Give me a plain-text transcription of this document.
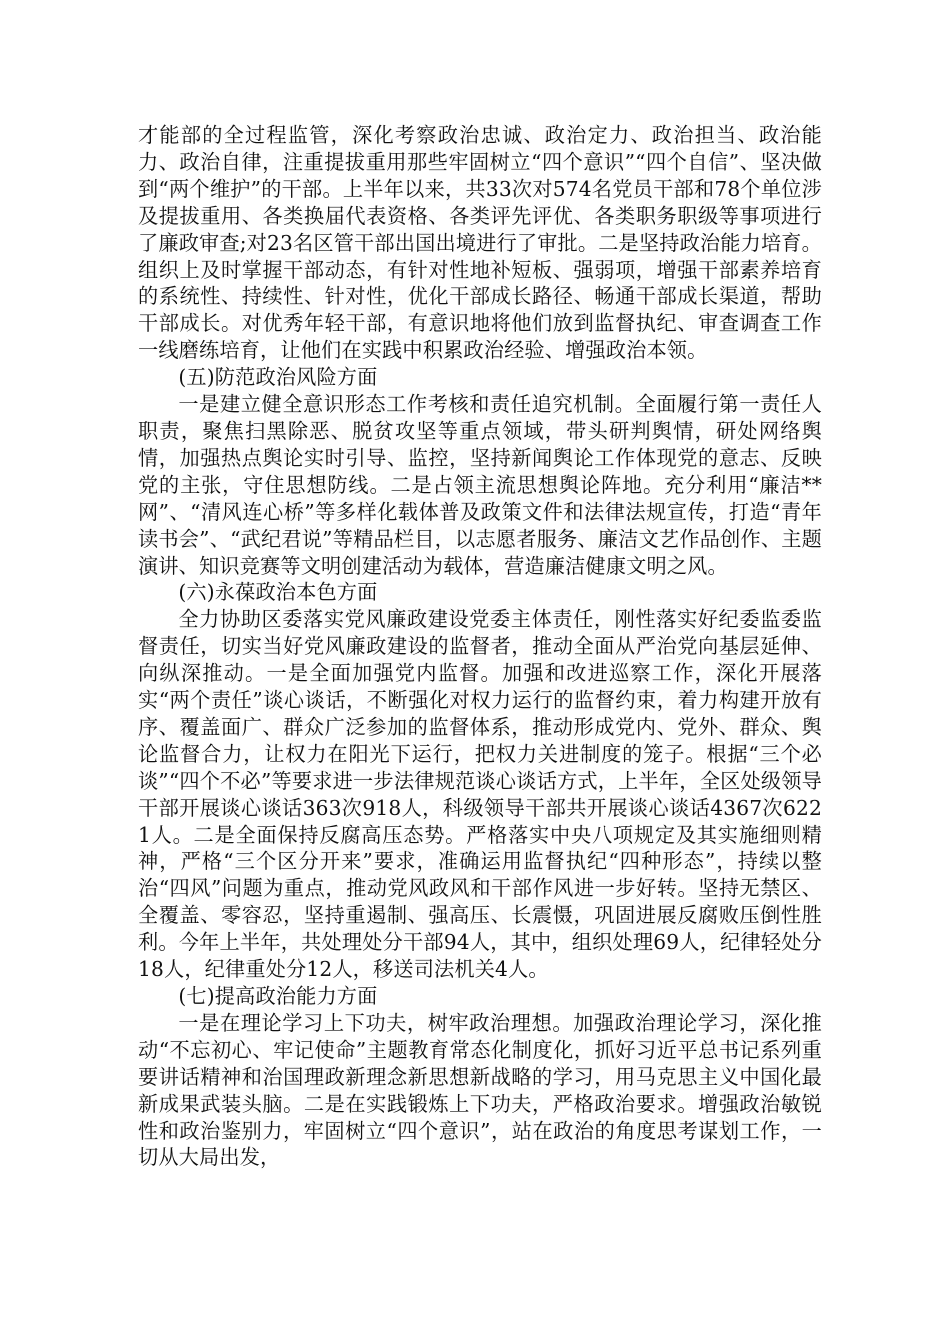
才能部的全过程监管，深化考察政治忠诚、政治定力、政治担当、政治能力、政治自律，注重提拔重用那些牢固树立“四个意识”“四个自信”、坚决做到“两个维护”的干部。上半年以来，共33次对574名党员干部和78个单位涉及提拔重用、各类换届代表资格、各类评先评优、各类职务职级等事项进行了廉政审查;对23名区管干部出国出境进行了审批。二是坚持政治能力培育。组织上及时掌握干部动态，有针对性地补短板、强弱项，增强干部素养培育的系统性、持续性、针对性，优化干部成长路径、畅通干部成长渠道，帮助干部成长。对优秀年轻干部，有意识地将他们放到监督执纪、审查调查工作一线磨练培育，让他们在实践中积累政治经验、增强政治本领。

(五)防范政治风险方面

一是建立健全意识形态工作考核和责任追究机制。全面履行第一责任人职责，聚焦扫黑除恶、脱贫攻坚等重点领域，带头研判舆情，研处网络舆情，加强热点舆论实时引导、监控，坚持新闻舆论工作体现党的意志、反映党的主张，守住思想防线。二是占领主流思想舆论阵地。充分利用“廉洁**网”、“清风连心桥”等多样化载体普及政策文件和法律法规宣传，打造“青年读书会”、“武纪君说”等精品栏目，以志愿者服务、廉洁文艺作品创作、主题演讲、知识竞赛等文明创建活动为载体，营造廉洁健康文明之风。

(六)永葆政治本色方面

全力协助区委落实党风廉政建设党委主体责任，刚性落实好纪委监委监督责任，切实当好党风廉政建设的监督者，推动全面从严治党向基层延伸、向纵深推动。一是全面加强党内监督。加强和改进巡察工作，深化开展落实“两个责任”谈心谈话，不断强化对权力运行的监督约束，着力构建开放有序、覆盖面广、群众广泛参加的监督体系，推动形成党内、党外、群众、舆论监督合力，让权力在阳光下运行，把权力关进制度的笼子。根据“三个必谈”“四个不必”等要求进一步法律规范谈心谈话方式，上半年，全区处级领导干部开展谈心谈话363次918人，科级领导干部共开展谈心谈话4367次6221人。二是全面保持反腐高压态势。严格落实中央八项规定及其实施细则精神，严格“三个区分开来”要求，准确运用监督执纪“四种形态”，持续以整治“四风”问题为重点，推动党风政风和干部作风进一步好转。坚持无禁区、全覆盖、零容忍，坚持重遏制、强高压、长震慑，巩固进展反腐败压倒性胜利。今年上半年，共处理处分干部94人，其中，组织处理69人，纪律轻处分18人，纪律重处分12人，移送司法机关4人。

(七)提高政治能力方面

一是在理论学习上下功夫，树牢政治理想。加强政治理论学习，深化推动“不忘初心、牢记使命”主题教育常态化制度化，抓好习近平总书记系列重要讲话精神和治国理政新理念新思想新战略的学习，用马克思主义中国化最新成果武装头脑。二是在实践锻炼上下功夫，严格政治要求。增强政治敏锐性和政治鉴别力，牢固树立“四个意识”，站在政治的角度思考谋划工作，一切从大局出发，
